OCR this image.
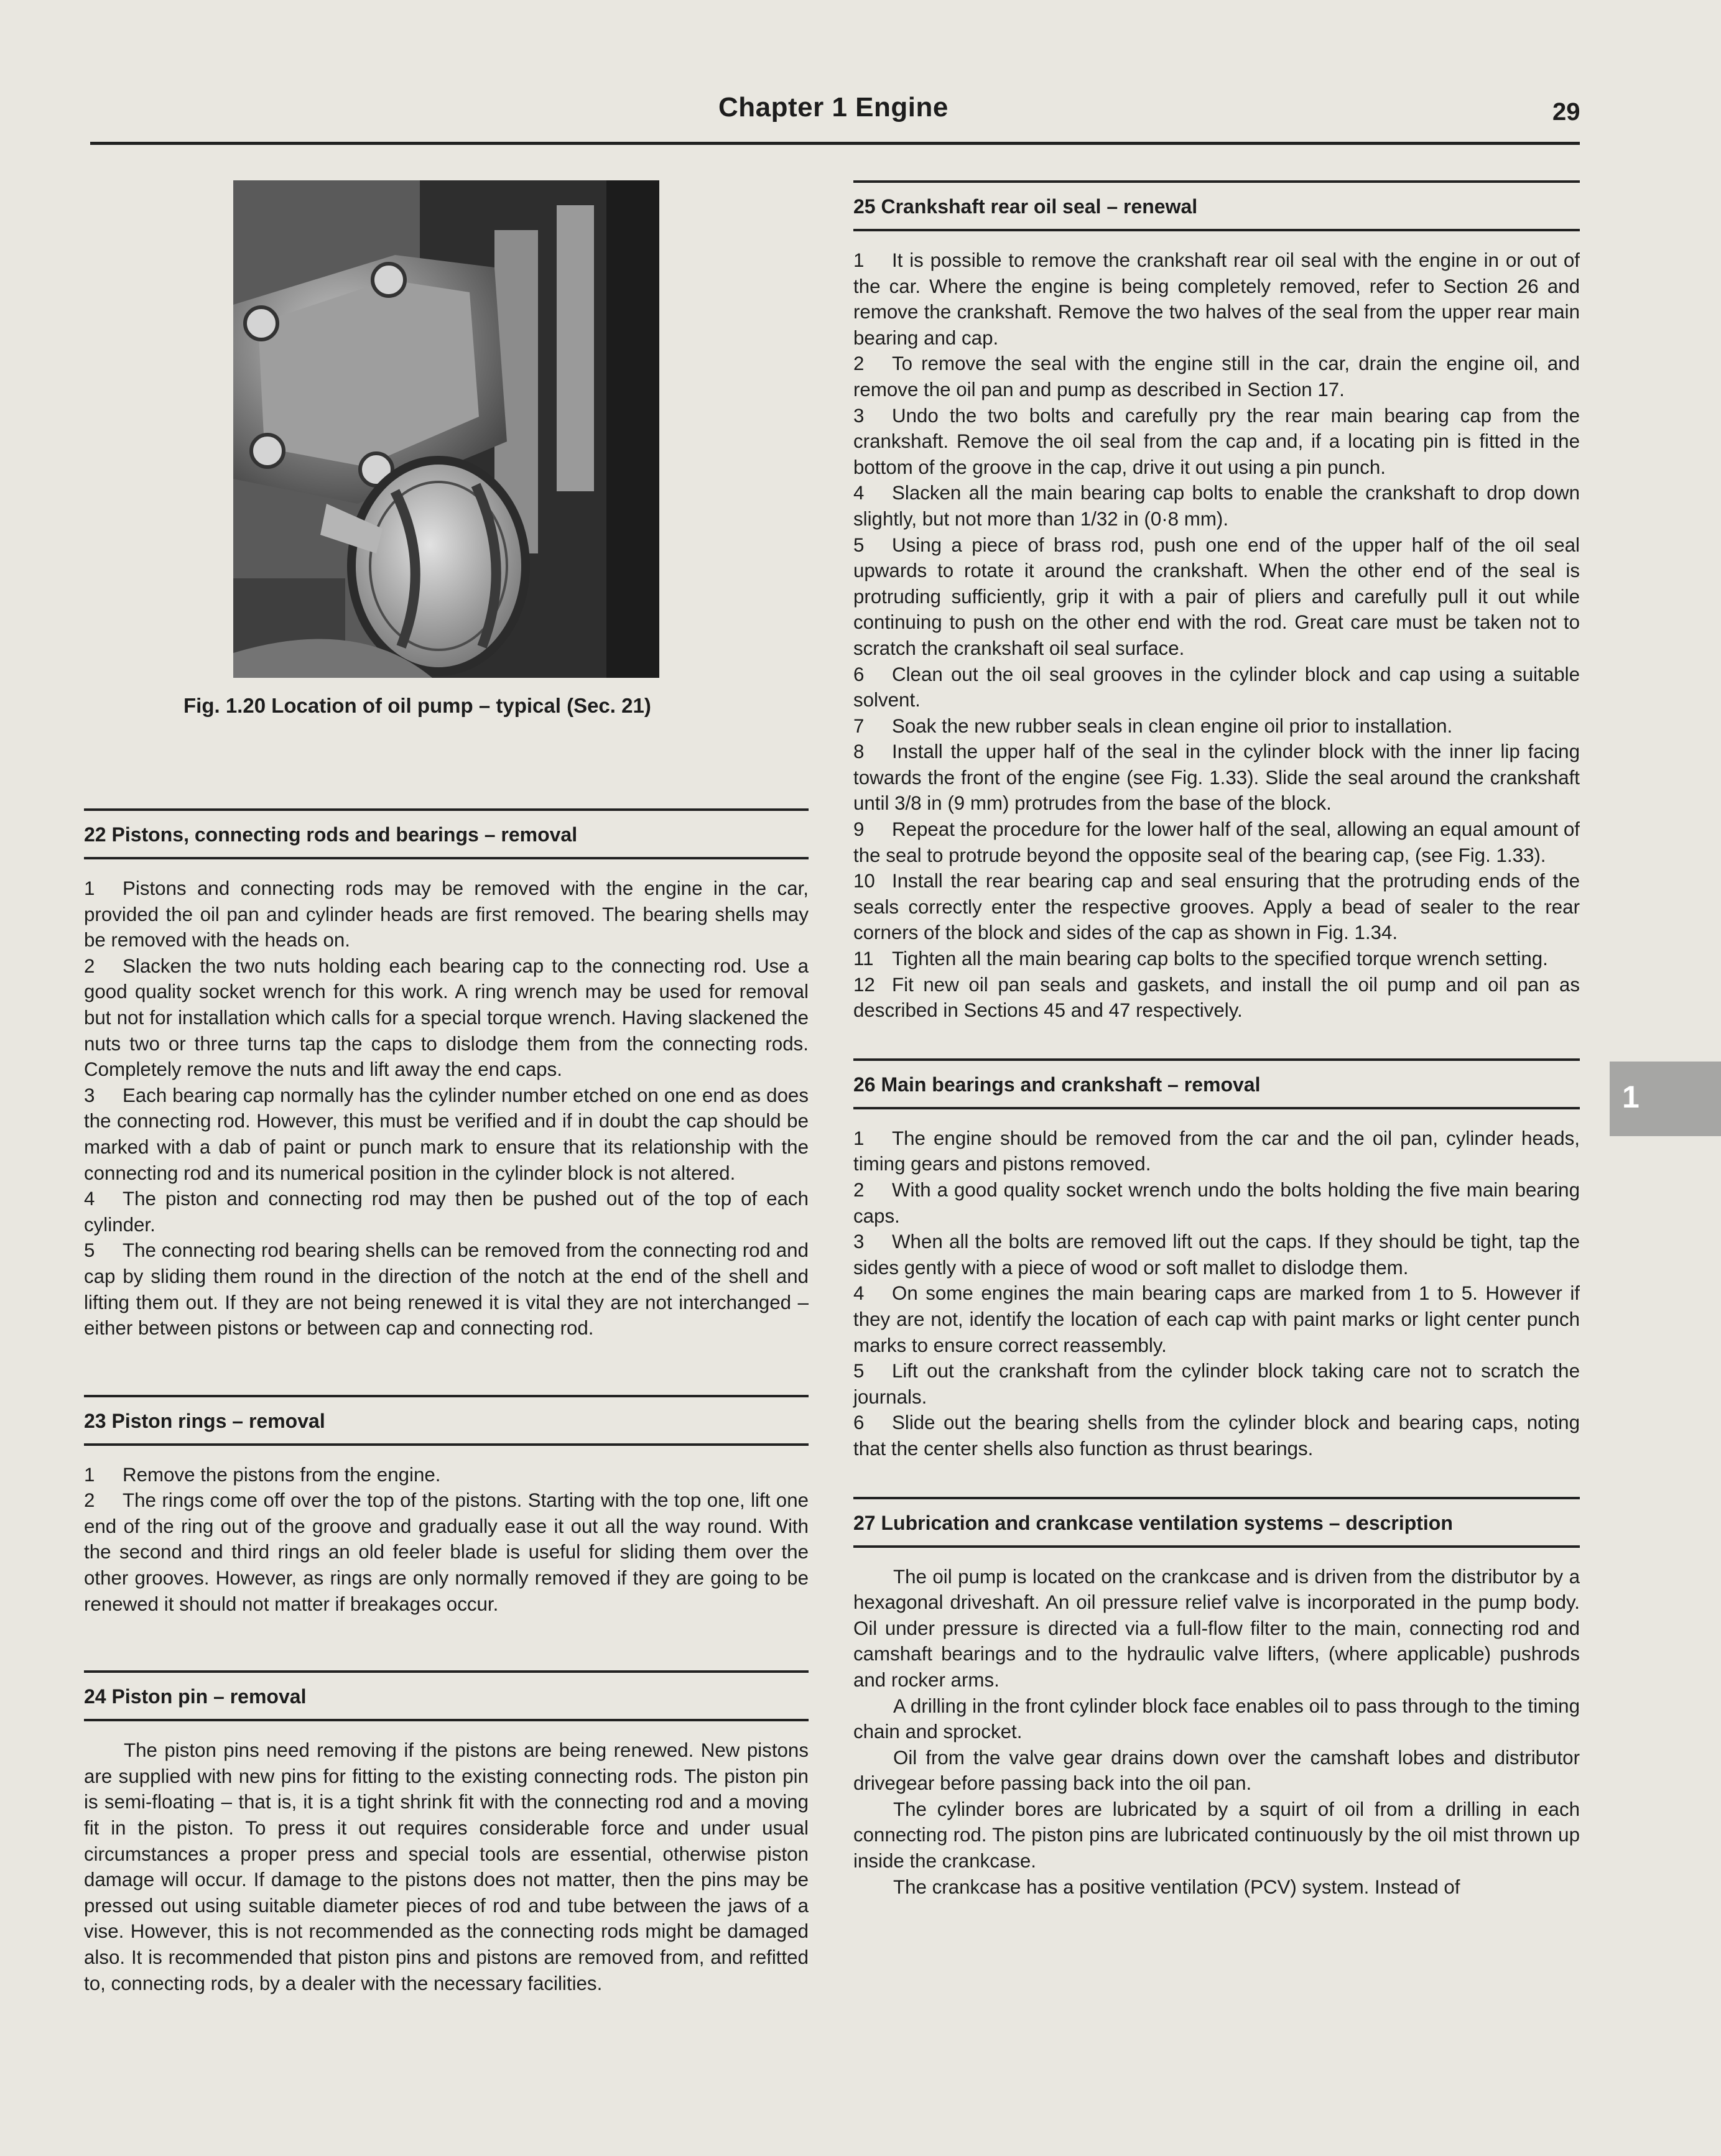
Chapter 1 Engine	29
1
Fig. 1.20 Location of oil pump – typical (Sec. 21)
22 Pistons, connecting rods and bearings – removal

1 Pistons and connecting rods may be removed with the engine in the car, provided the oil pan and cylinder heads are first removed. The bearing shells may be removed with the heads on.

2 Slacken the two nuts holding each bearing cap to the connecting rod. Use a good quality socket wrench for this work. A ring wrench may be used for removal but not for installation which calls for a special torque wrench. Having slackened the nuts two or three turns tap the caps to dislodge them from the connecting rods. Completely remove the nuts and lift away the end caps.

3 Each bearing cap normally has the cylinder number etched on one end as does the connecting rod. However, this must be verified and if in doubt the cap should be marked with a dab of paint or punch mark to ensure that its relationship with the connecting rod and its numerical position in the cylinder block is not altered.

4 The piston and connecting rod may then be pushed out of the top of each cylinder.

5 The connecting rod bearing shells can be removed from the connecting rod and cap by sliding them round in the direction of the notch at the end of the shell and lifting them out. If they are not being renewed it is vital they are not interchanged – either between pistons or between cap and connecting rod.

23 Piston rings – removal

1 Remove the pistons from the engine.

2 The rings come off over the top of the pistons. Starting with the top one, lift one end of the ring out of the groove and gradually ease it out all the way round. With the second and third rings an old feeler blade is useful for sliding them over the other grooves. However, as rings are only normally removed if they are going to be renewed it should not matter if breakages occur.

24 Piston pin – removal

The piston pins need removing if the pistons are being renewed. New pistons are supplied with new pins for fitting to the existing connecting rods. The piston pin is semi-floating – that is, it is a tight shrink fit with the connecting rod and a moving fit in the piston. To press it out requires considerable force and under usual circumstances a proper press and special tools are essential, otherwise piston damage will occur. If damage to the pistons does not matter, then the pins may be pressed out using suitable diameter pieces of rod and tube between the jaws of a vise. However, this is not recommended as the connecting rods might be damaged also. It is recommended that piston pins and pistons are removed from, and refitted to, connecting rods, by a dealer with the necessary facilities.

25 Crankshaft rear oil seal – renewal

1 It is possible to remove the crankshaft rear oil seal with the engine in or out of the car. Where the engine is being completely removed, refer to Section 26 and remove the crankshaft. Remove the two halves of the seal from the upper rear main bearing and cap.

2 To remove the seal with the engine still in the car, drain the engine oil, and remove the oil pan and pump as described in Section 17.

3 Undo the two bolts and carefully pry the rear main bearing cap from the crankshaft. Remove the oil seal from the cap and, if a locating pin is fitted in the bottom of the groove in the cap, drive it out using a pin punch.

4 Slacken all the main bearing cap bolts to enable the crankshaft to drop down slightly, but not more than 1/32 in (0·8 mm).

5 Using a piece of brass rod, push one end of the upper half of the oil seal upwards to rotate it around the crankshaft. When the other end of the seal is protruding sufficiently, grip it with a pair of pliers and carefully pull it out while continuing to push on the other end with the rod. Great care must be taken not to scratch the crankshaft oil seal surface.

6 Clean out the oil seal grooves in the cylinder block and cap using a suitable solvent.

7 Soak the new rubber seals in clean engine oil prior to installation.

8 Install the upper half of the seal in the cylinder block with the inner lip facing towards the front of the engine (see Fig. 1.33). Slide the seal around the crankshaft until 3/8 in (9 mm) protrudes from the base of the block.

9 Repeat the procedure for the lower half of the seal, allowing an equal amount of the seal to protrude beyond the opposite seal of the bearing cap, (see Fig. 1.33).

10 Install the rear bearing cap and seal ensuring that the protruding ends of the seals correctly enter the respective grooves. Apply a bead of sealer to the rear corners of the block and sides of the cap as shown in Fig. 1.34.

11 Tighten all the main bearing cap bolts to the specified torque wrench setting.

12 Fit new oil pan seals and gaskets, and install the oil pump and oil pan as described in Sections 45 and 47 respectively.

26 Main bearings and crankshaft – removal

1 The engine should be removed from the car and the oil pan, cylinder heads, timing gears and pistons removed.

2 With a good quality socket wrench undo the bolts holding the five main bearing caps.

3 When all the bolts are removed lift out the caps. If they should be tight, tap the sides gently with a piece of wood or soft mallet to dislodge them.

4 On some engines the main bearing caps are marked from 1 to 5. However if they are not, identify the location of each cap with paint marks or light center punch marks to ensure correct reassembly.

5 Lift out the crankshaft from the cylinder block taking care not to scratch the journals.

6 Slide out the bearing shells from the cylinder block and bearing caps, noting that the center shells also function as thrust bearings.

27 Lubrication and crankcase ventilation systems – description

The oil pump is located on the crankcase and is driven from the distributor by a hexagonal driveshaft. An oil pressure relief valve is incorporated in the pump body. Oil under pressure is directed via a full-flow filter to the main, connecting rod and camshaft bearings and to the hydraulic valve lifters, (where applicable) pushrods and rocker arms.

A drilling in the front cylinder block face enables oil to pass through to the timing chain and sprocket.

Oil from the valve gear drains down over the camshaft lobes and distributor drivegear before passing back into the oil pan.

The cylinder bores are lubricated by a squirt of oil from a drilling in each connecting rod. The piston pins are lubricated continuously by the oil mist thrown up inside the crankcase.

The crankcase has a positive ventilation (PCV) system. Instead of
